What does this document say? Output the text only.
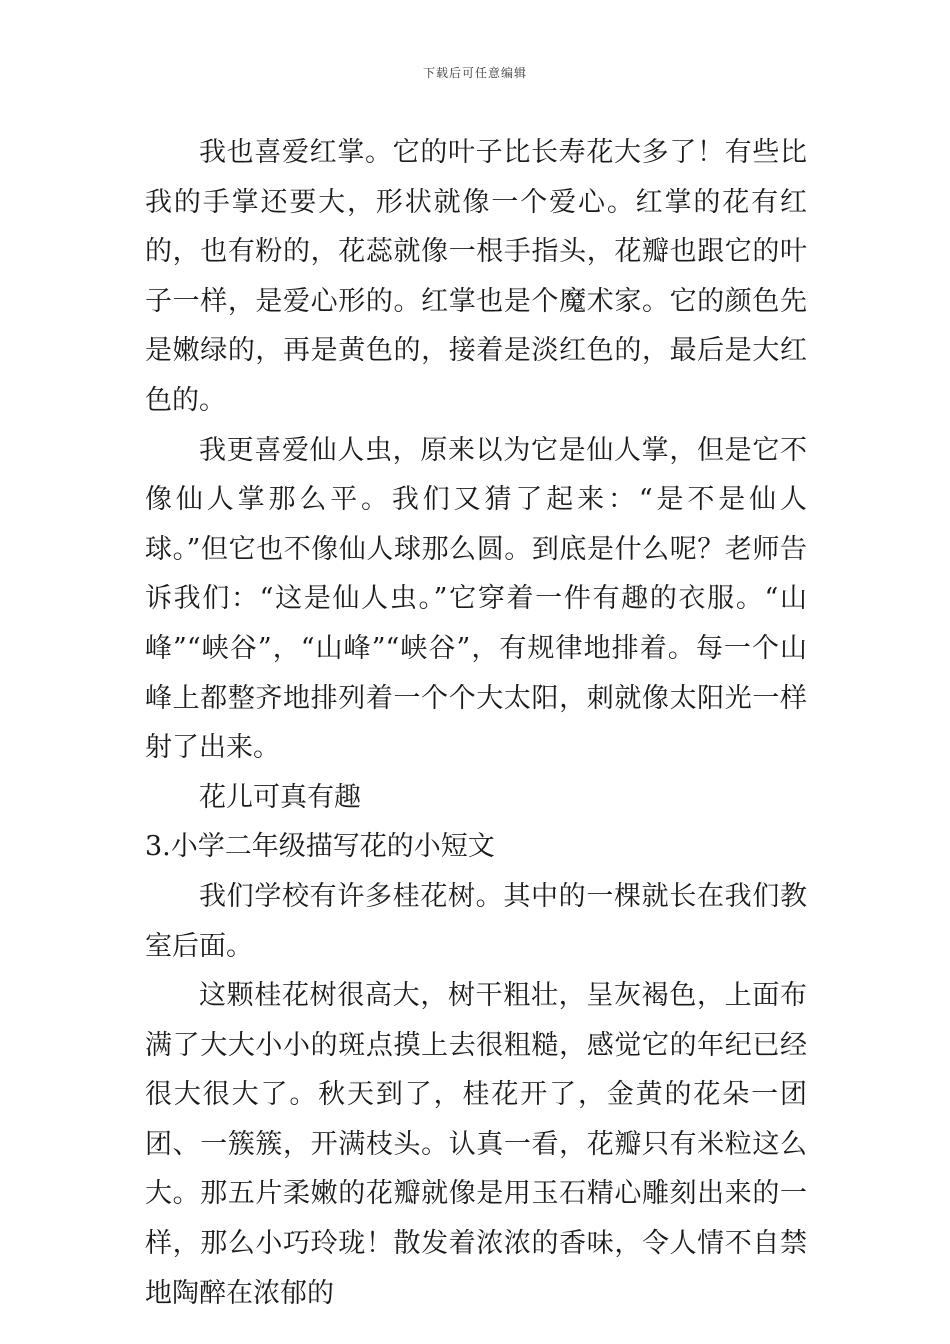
下载后可任意编辑

我也喜爱红掌。它的叶子比长寿花大多了！有些比我的手掌还要大，形状就像一个爱心。红掌的花有红的，也有粉的，花蕊就像一根手指头，花瓣也跟它的叶子一样，是爱心形的。红掌也是个魔术家。它的颜色先是嫩绿的，再是黄色的，接着是淡红色的，最后是大红色的。

我更喜爱仙人虫，原来以为它是仙人掌，但是它不像仙人掌那么平。我们又猜了起来：“是不是仙人球。”但它也不像仙人球那么圆。到底是什么呢？老师告诉我们：“这是仙人虫。”它穿着一件有趣的衣服。“山峰”“峡谷”，“山峰”“峡谷”，有规律地排着。每一个山峰上都整齐地排列着一个个大太阳，刺就像太阳光一样射了出来。

花儿可真有趣

3.小学二年级描写花的小短文

我们学校有许多桂花树。其中的一棵就长在我们教室后面。

这颗桂花树很高大，树干粗壮，呈灰褐色，上面布满了大大小小的斑点摸上去很粗糙，感觉它的年纪已经很大很大了。秋天到了，桂花开了，金黄的花朵一团团、一簇簇，开满枝头。认真一看，花瓣只有米粒这么大。那五片柔嫩的花瓣就像是用玉石精心雕刻出来的一样，那么小巧玲珑！散发着浓浓的香味，令人情不自禁地陶醉在浓郁的
